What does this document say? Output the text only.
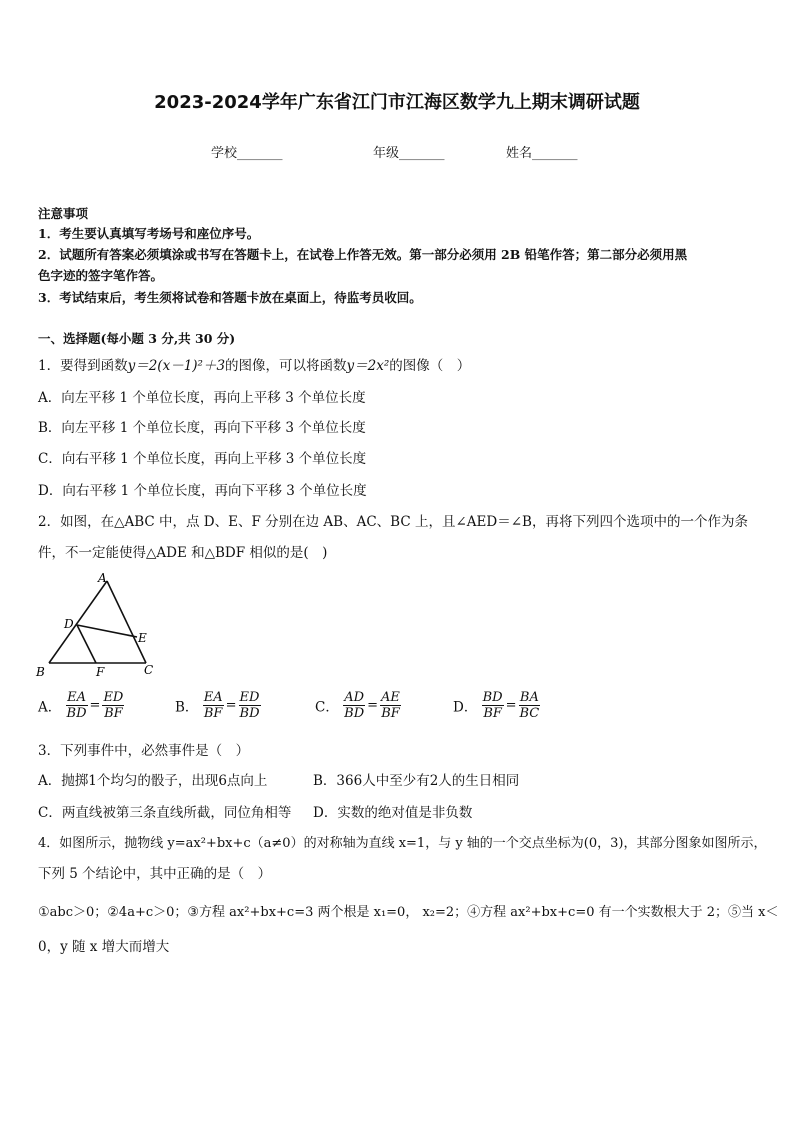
2023-2024学年广东省江门市江海区数学九上期末调研试题
学校_______	年级_______	姓名_______
注意事项
1．考生要认真填写考场号和座位序号。
2．试题所有答案必须填涂或书写在答题卡上，在试卷上作答无效。第一部分必须用 2B 铅笔作答；第二部分必须用黑
色字迹的签字笔作答。
3．考试结束后，考生须将试卷和答题卡放在桌面上，待监考员收回。
一、选择题(每小题 3 分,共 30 分)
1．要得到函数y＝2(x－1)²＋3的图像，可以将函数y＝2x²的图像（　）
A．向左平移 1 个单位长度，再向上平移 3 个单位长度
B．向左平移 1 个单位长度，再向下平移 3 个单位长度
C．向右平移 1 个单位长度，再向上平移 3 个单位长度
D．向右平移 1 个单位长度，再向下平移 3 个单位长度
2．如图，在△ABC 中，点 D、E、F 分别在边 AB、AC、BC 上，且∠AED＝∠B，再将下列四个选项中的一个作为条
件，不一定能使得△ADE 和△BDF 相似的是(　)
A
D
E
B	F	C
A． $\frac{EA}{BD} = \frac{ED}{BF}$	B． $\frac{EA}{BF} = \frac{ED}{BD}$	C． $\frac{AD}{BD} = \frac{AE}{BF}$	D． $\frac{BD}{BF} = \frac{BA}{BC}$
3．下列事件中，必然事件是（　）
A．抛掷1个均匀的骰子，出现6点向上	B．366人中至少有2人的生日相同
C．两直线被第三条直线所截，同位角相等 D．实数的绝对值是非负数
4．如图所示，抛物线 y=ax²+bx+c（a≠0）的对称轴为直线 x=1，与 y 轴的一个交点坐标为(0，3)，其部分图象如图所示，
下列 5 个结论中，其中正确的是（　）
①abc＞0；②4a+c＞0；③方程 ax²+bx+c=3 两个根是 x₁=0， x₂=2；④方程 ax²+bx+c=0 有一个实数根大于 2；⑤当 x＜
0，y 随 x 增大而增大
